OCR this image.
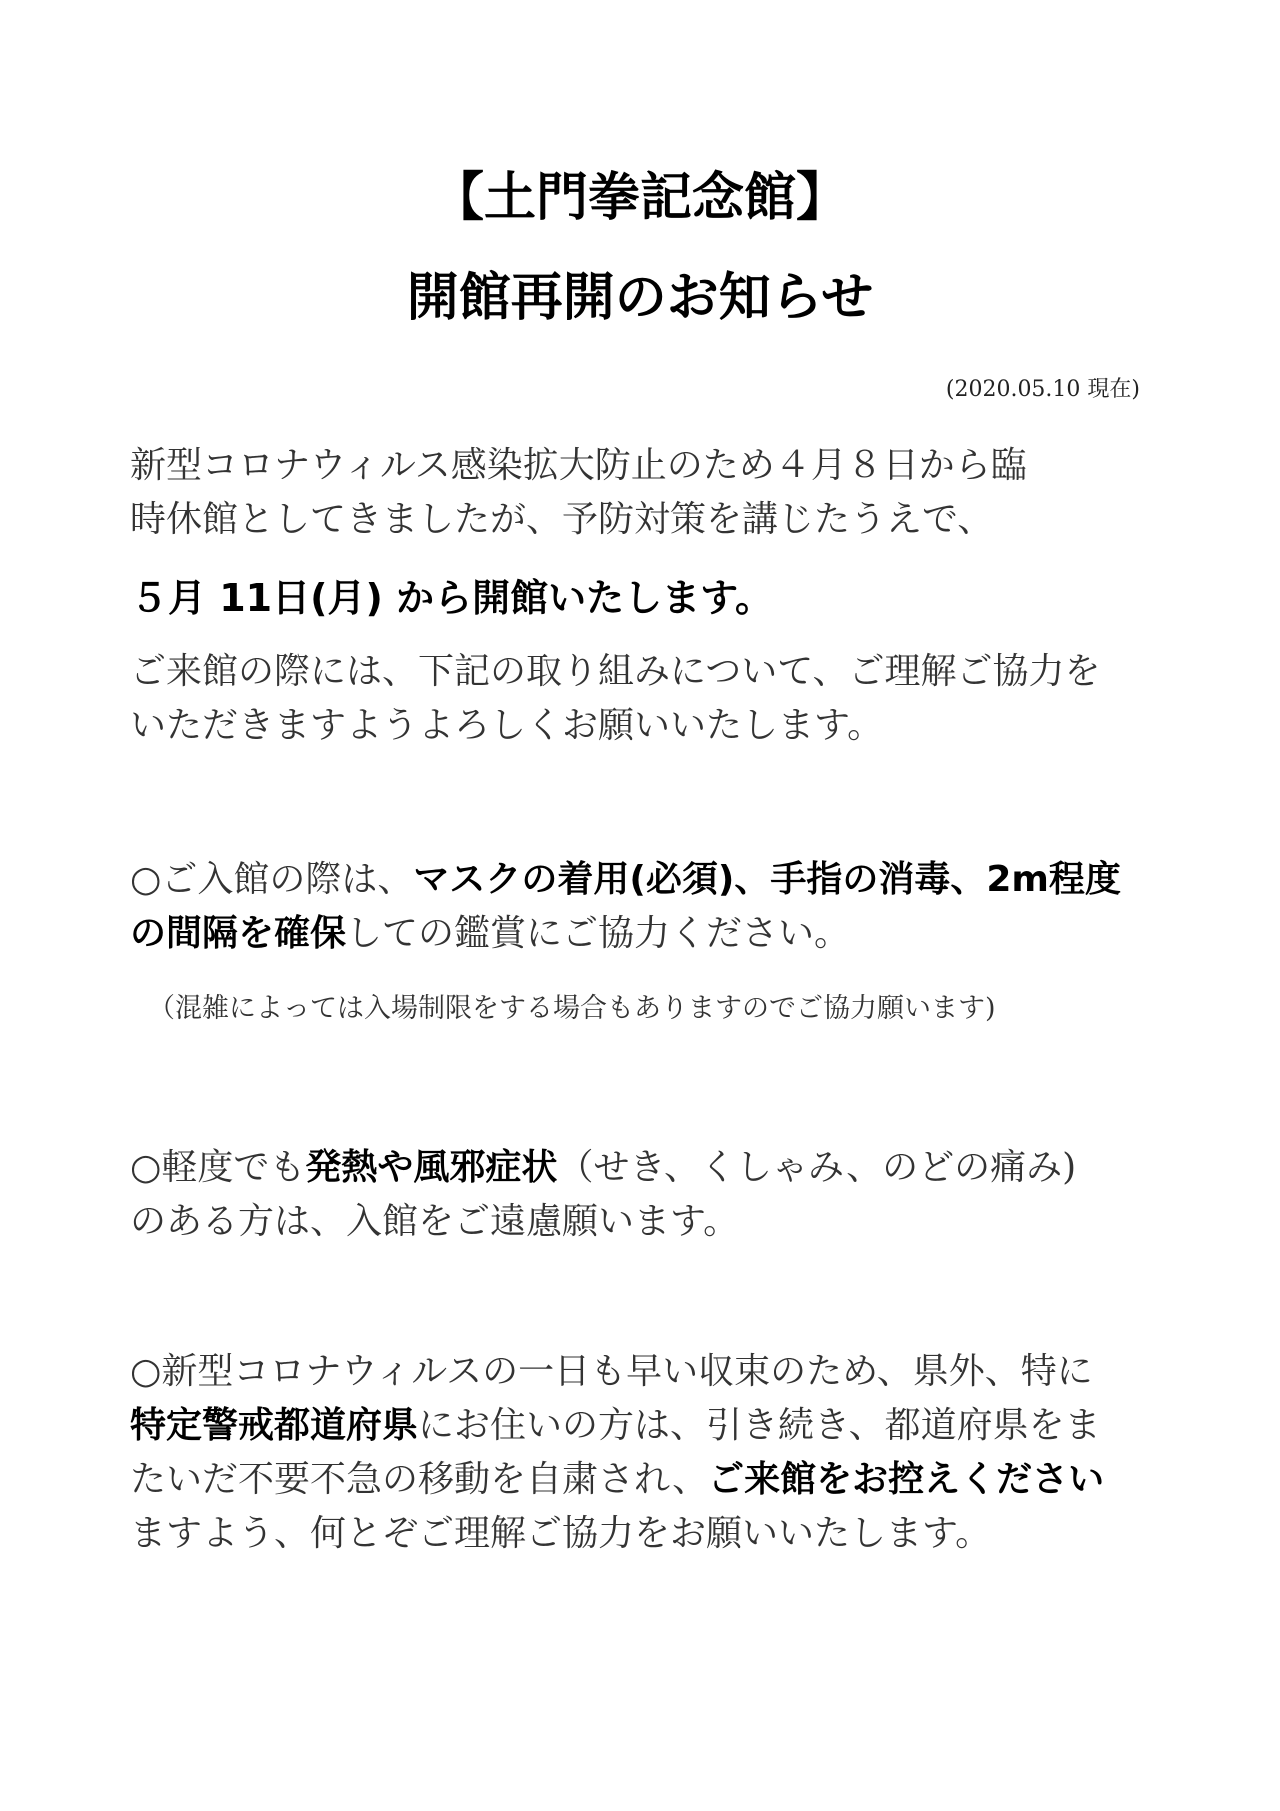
【土門拳記念館】
開館再開のお知らせ
(2020.05.10 現在)
新型コロナウィルス感染拡大防止のため４月８日から臨
時休館としてきましたが、予防対策を講じたうえで、
５月 11日(月) から開館いたします。
ご来館の際には、下記の取り組みについて、ご理解ご協力を
いただきますようよろしくお願いいたします。
○ご入館の際は、マスクの着用(必須)、手指の消毒、2m程度
の間隔を確保しての鑑賞にご協力ください。
（混雑によっては入場制限をする場合もありますのでご協力願います)
○軽度でも発熱や風邪症状（せき、くしゃみ、のどの痛み)
のある方は、入館をご遠慮願います。
○新型コロナウィルスの一日も早い収束のため、県外、特に
特定警戒都道府県にお住いの方は、引き続き、都道府県をま
たいだ不要不急の移動を自粛され、ご来館をお控えください
ますよう、何とぞご理解ご協力をお願いいたします。
